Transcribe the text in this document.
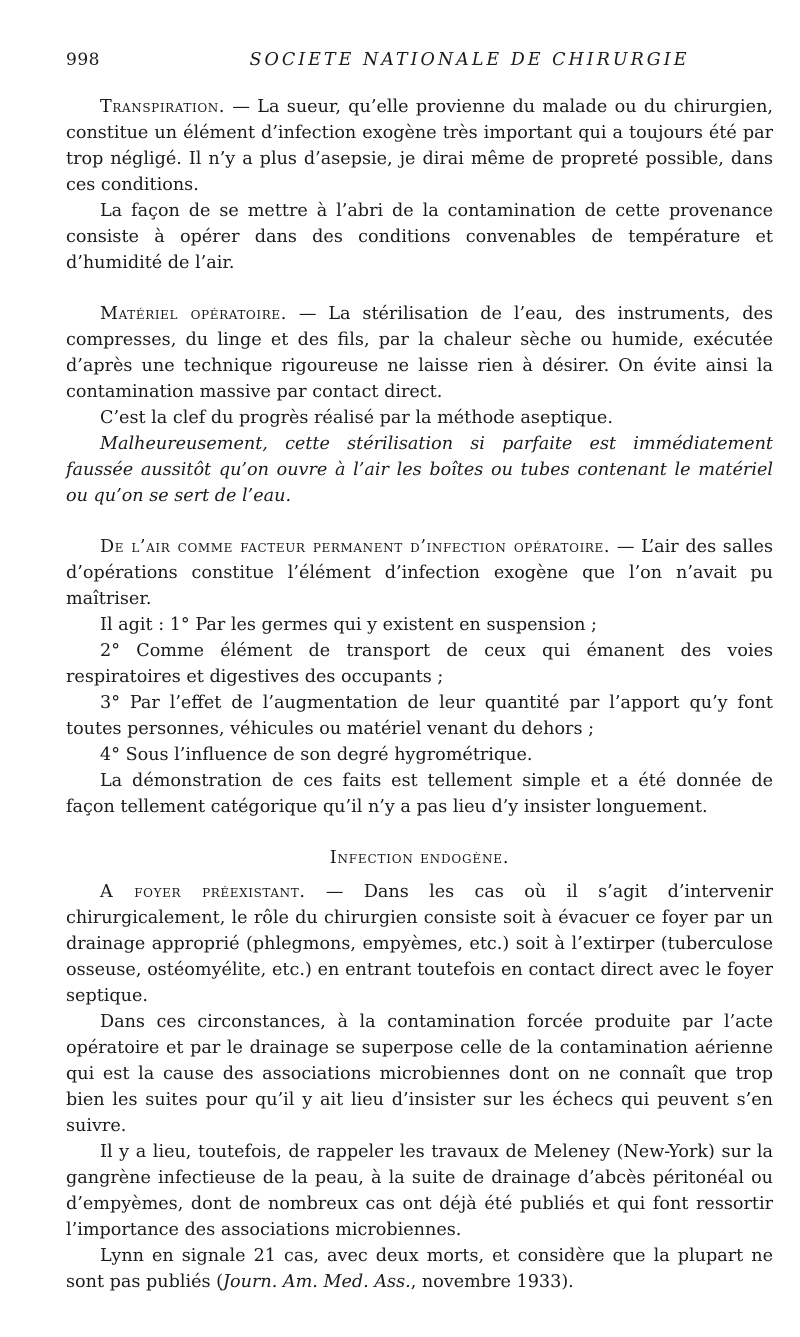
998	SOCIETE NATIONALE DE CHIRURGIE

Transpiration. — La sueur, qu’elle provienne du malade ou du chirurgien, constitue un élément d’infection exogène très important qui a toujours été par trop négligé. Il n’y a plus d’asepsie, je dirai même de propreté possible, dans ces conditions.

La façon de se mettre à l’abri de la contamination de cette provenance consiste à opérer dans des conditions convenables de température et d’humidité de l’air.

Matériel opératoire. — La stérilisation de l’eau, des instruments, des compresses, du linge et des fils, par la chaleur sèche ou humide, exécutée d’après une technique rigoureuse ne laisse rien à désirer. On évite ainsi la contamination massive par contact direct.

C’est la clef du progrès réalisé par la méthode aseptique.

Malheureusement, cette stérilisation si parfaite est immédiatement faussée aussitôt qu’on ouvre à l’air les boîtes ou tubes contenant le matériel ou qu’on se sert de l’eau.

De l’air comme facteur permanent d’infection opératoire. — L’air des salles d’opérations constitue l’élément d’infection exogène que l’on n’avait pu maîtriser.

Il agit : 1° Par les germes qui y existent en suspension ;

2° Comme élément de transport de ceux qui émanent des voies respiratoires et digestives des occupants ;

3° Par l’effet de l’augmentation de leur quantité par l’apport qu’y font toutes personnes, véhicules ou matériel venant du dehors ;

4° Sous l’influence de son degré hygrométrique.

La démonstration de ces faits est tellement simple et a été donnée de façon tellement catégorique qu’il n’y a pas lieu d’y insister longuement.

Infection endogène.

A foyer préexistant. — Dans les cas où il s’agit d’intervenir chirurgicalement, le rôle du chirurgien consiste soit à évacuer ce foyer par un drainage approprié (phlegmons, empyèmes, etc.) soit à l’extirper (tuberculose osseuse, ostéomyélite, etc.) en entrant toutefois en contact direct avec le foyer septique.

Dans ces circonstances, à la contamination forcée produite par l’acte opératoire et par le drainage se superpose celle de la contamination aérienne qui est la cause des associations microbiennes dont on ne connaît que trop bien les suites pour qu’il y ait lieu d’insister sur les échecs qui peuvent s’en suivre.

Il y a lieu, toutefois, de rappeler les travaux de Meleney (New-York) sur la gangrène infectieuse de la peau, à la suite de drainage d’abcès péritonéal ou d’empyèmes, dont de nombreux cas ont déjà été publiés et qui font ressortir l’importance des associations microbiennes.

Lynn en signale 21 cas, avec deux morts, et considère que la plupart ne sont pas publiés (Journ. Am. Med. Ass., novembre 1933).
